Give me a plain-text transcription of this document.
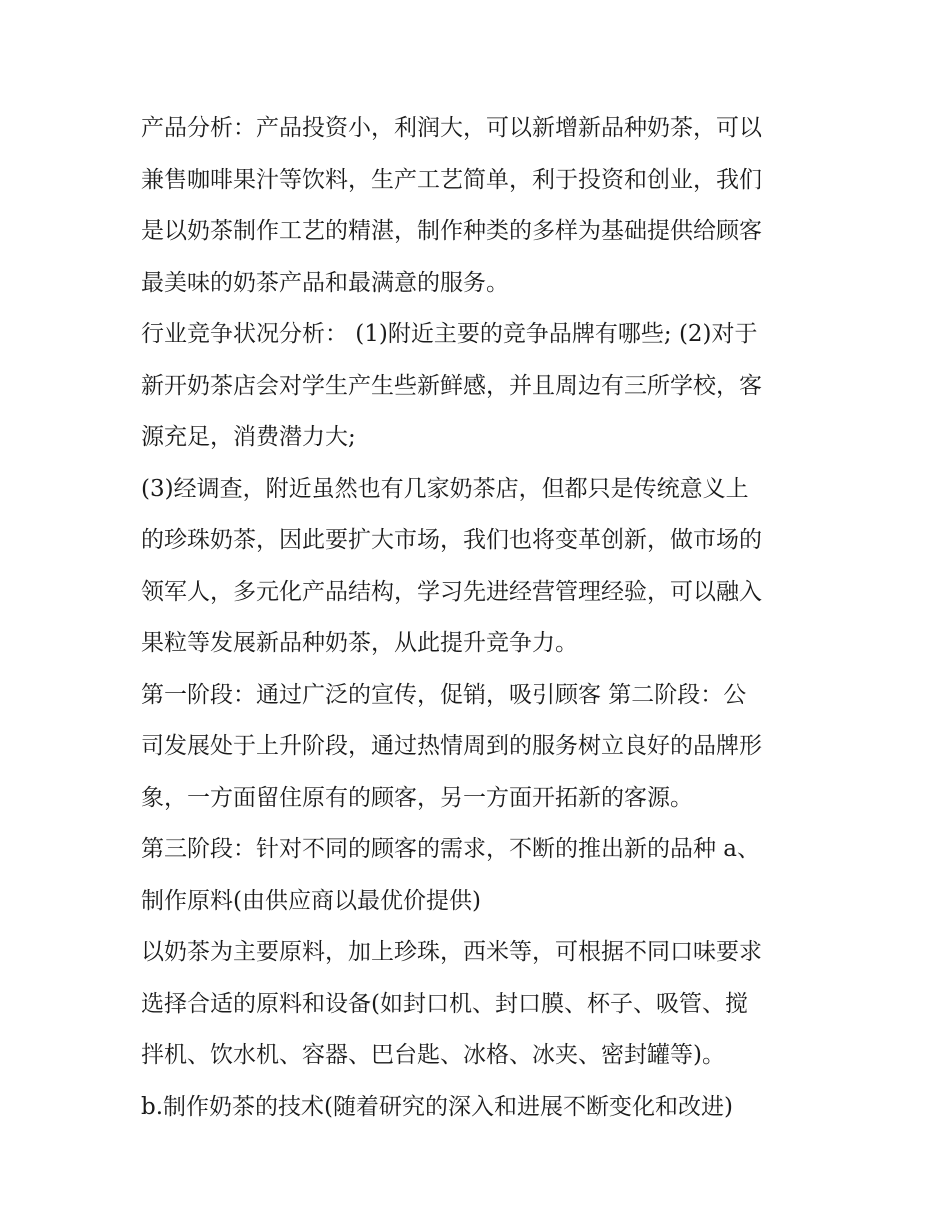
产品分析：产品投资小，利润大，可以新增新品种奶茶，可以
兼售咖啡果汁等饮料，生产工艺简单，利于投资和创业，我们
是以奶茶制作工艺的精湛，制作种类的多样为基础提供给顾客
最美味的奶茶产品和最满意的服务。
行业竞争状况分析： (1)附近主要的竞争品牌有哪些; (2)对于
新开奶茶店会对学生产生些新鲜感，并且周边有三所学校，客
源充足，消费潜力大;
(3)经调查，附近虽然也有几家奶茶店，但都只是传统意义上
的珍珠奶茶，因此要扩大市场，我们也将变革创新，做市场的
领军人，多元化产品结构，学习先进经营管理经验，可以融入
果粒等发展新品种奶茶，从此提升竞争力。
第一阶段：通过广泛的宣传，促销，吸引顾客 第二阶段：公
司发展处于上升阶段，通过热情周到的服务树立良好的品牌形
象，一方面留住原有的顾客，另一方面开拓新的客源。
第三阶段：针对不同的顾客的需求，不断的推出新的品种 a、
制作原料(由供应商以最优价提供)
以奶茶为主要原料，加上珍珠，西米等，可根据不同口味要求
选择合适的原料和设备(如封口机、封口膜、杯子、吸管、搅
拌机、饮水机、容器、巴台匙、冰格、冰夹、密封罐等)。
b.制作奶茶的技术(随着研究的深入和进展不断变化和改进)
